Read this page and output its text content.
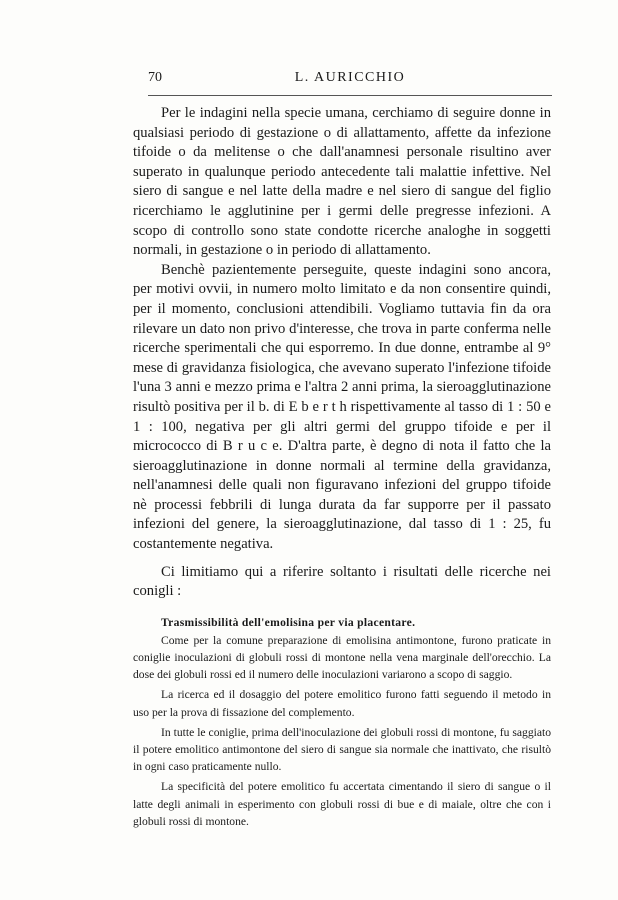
70	L. AURICCHIO

Per le indagini nella specie umana, cerchiamo di seguire donne in qualsiasi periodo di gestazione o di allattamento, affette da infezione tifoide o da melitense o che dall'anamnesi personale risultino aver superato in qualunque periodo antecedente tali malattie infettive. Nel siero di sangue e nel latte della madre e nel siero di sangue del figlio ricerchiamo le agglutinine per i germi delle pregresse infezioni. A scopo di controllo sono state condotte ricerche analoghe in soggetti normali, in gestazione o in periodo di allattamento.

Benchè pazientemente perseguite, queste indagini sono ancora, per motivi ovvii, in numero molto limitato e da non consentire quindi, per il momento, conclusioni attendibili. Vogliamo tuttavia fin da ora rilevare un dato non privo d'interesse, che trova in parte conferma nelle ricerche sperimentali che qui esporremo. In due donne, entrambe al 9° mese di gravidanza fisiologica, che avevano superato l'infezione tifoide l'una 3 anni e mezzo prima e l'altra 2 anni prima, la sieroagglutinazione risultò positiva per il b. di E b e r t h rispettivamente al tasso di 1 : 50 e 1 : 100, negativa per gli altri germi del gruppo tifoide e per il micrococco di B r u c e. D'altra parte, è degno di nota il fatto che la sieroagglutinazione in donne normali al termine della gravidanza, nell'anamnesi delle quali non figuravano infezioni del gruppo tifoide nè processi febbrili di lunga durata da far supporre per il passato infezioni del genere, la sieroagglutinazione, dal tasso di 1 : 25, fu costantemente negativa.

Ci limitiamo qui a riferire soltanto i risultati delle ricerche nei conigli :

Trasmissibilità dell'emolisina per via placentare.

Come per la comune preparazione di emolisina antimontone, furono praticate in coniglie inoculazioni di globuli rossi di montone nella vena marginale dell'orecchio. La dose dei globuli rossi ed il numero delle inoculazioni variarono a scopo di saggio.

La ricerca ed il dosaggio del potere emolitico furono fatti seguendo il metodo in uso per la prova di fissazione del complemento.

In tutte le coniglie, prima dell'inoculazione dei globuli rossi di montone, fu saggiato il potere emolitico antimontone del siero di sangue sia normale che inattivato, che risultò in ogni caso praticamente nullo.

La specificità del potere emolitico fu accertata cimentando il siero di sangue o il latte degli animali in esperimento con globuli rossi di bue e di maiale, oltre che con i globuli rossi di montone.
